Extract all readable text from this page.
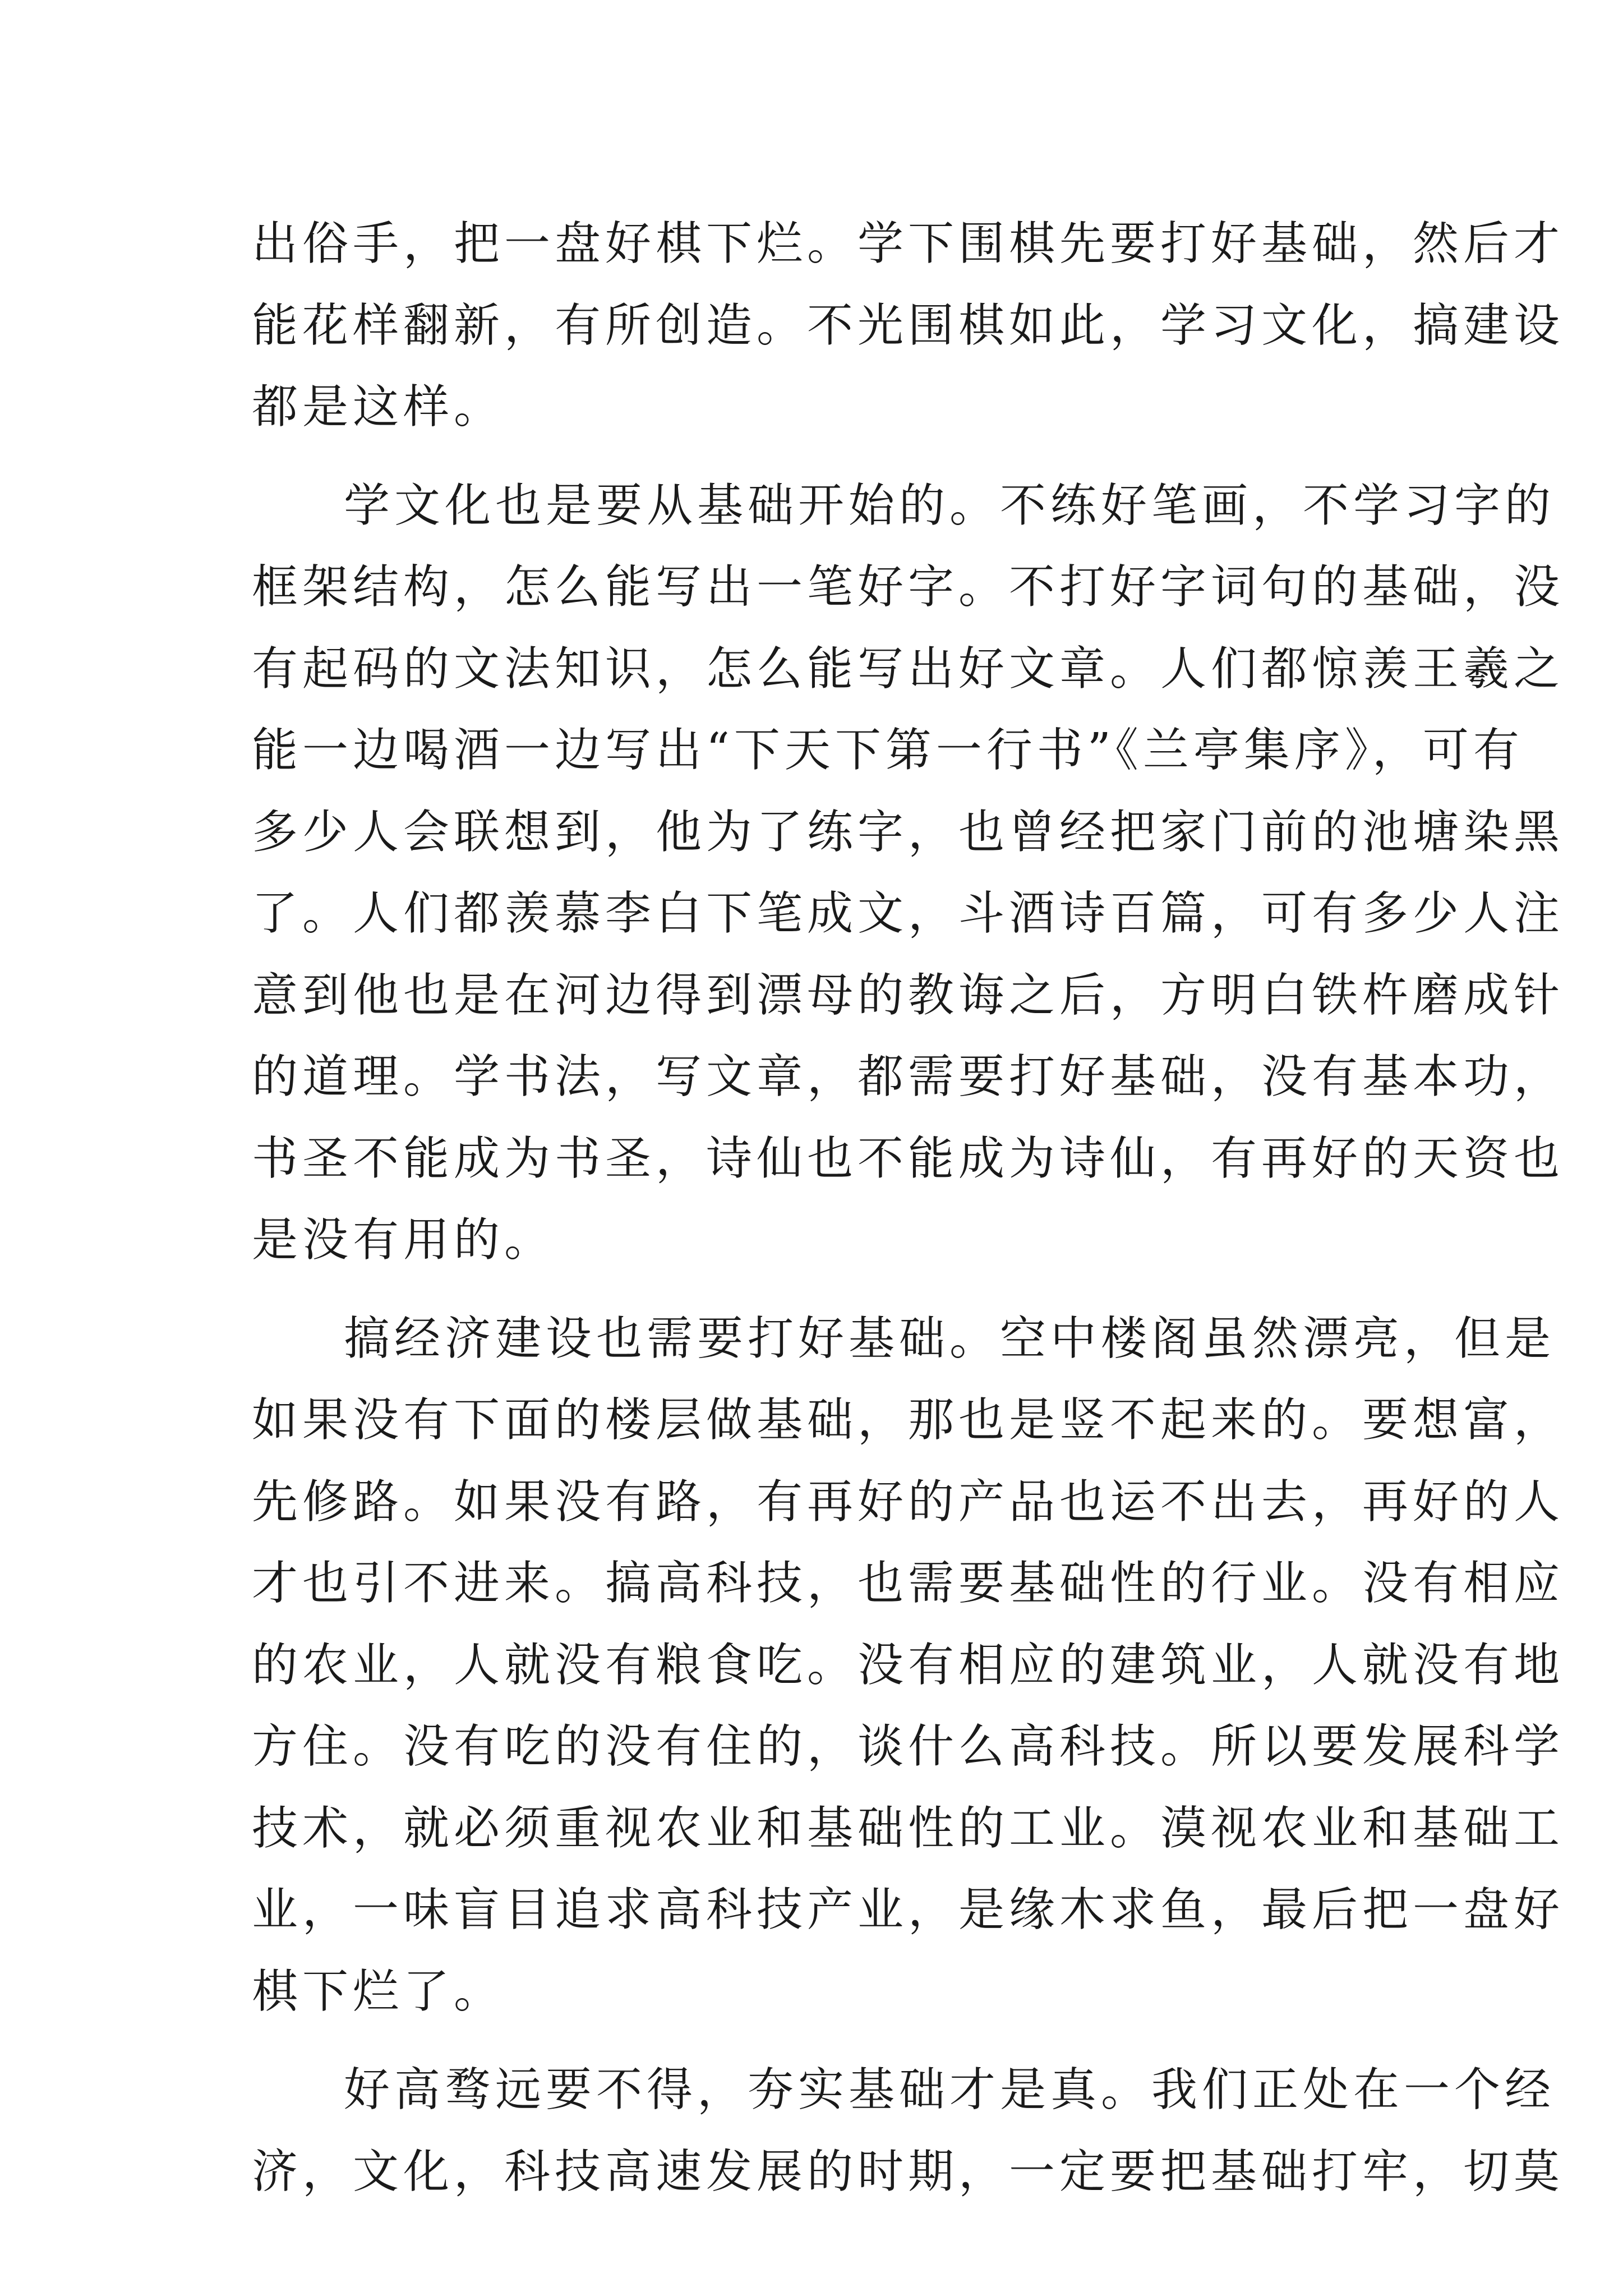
出俗手，把一盘好棋下烂。学下围棋先要打好基础，然后才
能花样翻新，有所创造。不光围棋如此，学习文化，搞建设
都是这样。
学文化也是要从基础开始的。不练好笔画，不学习字的
框架结构，怎么能写出一笔好字。不打好字词句的基础，没
有起码的文法知识，怎么能写出好文章。人们都惊羡王羲之
能一边喝酒一边写出“下天下第一行书”《兰亭集序》，可有
多少人会联想到，他为了练字，也曾经把家门前的池塘染黑
了。人们都羡慕李白下笔成文，斗酒诗百篇，可有多少人注
意到他也是在河边得到漂母的教诲之后，方明白铁杵磨成针
的道理。学书法，写文章，都需要打好基础，没有基本功，
书圣不能成为书圣，诗仙也不能成为诗仙，有再好的天资也
是没有用的。
搞经济建设也需要打好基础。空中楼阁虽然漂亮，但是
如果没有下面的楼层做基础，那也是竖不起来的。要想富，
先修路。如果没有路，有再好的产品也运不出去，再好的人
才也引不进来。搞高科技，也需要基础性的行业。没有相应
的农业，人就没有粮食吃。没有相应的建筑业，人就没有地
方住。没有吃的没有住的，谈什么高科技。所以要发展科学
技术，就必须重视农业和基础性的工业。漠视农业和基础工
业，一味盲目追求高科技产业，是缘木求鱼，最后把一盘好
棋下烂了。
好高骛远要不得，夯实基础才是真。我们正处在一个经
济，文化，科技高速发展的时期，一定要把基础打牢，切莫
